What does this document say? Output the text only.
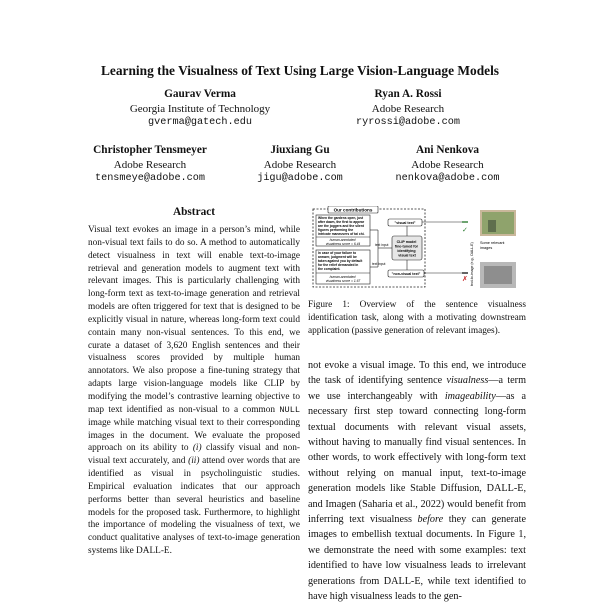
Learning the Visualness of Text Using Large Vision-Language Models
Gaurav Verma
Georgia Institute of Technology
gverma@gatech.edu
Ryan A. Rossi
Adobe Research
ryrossi@adobe.com
Christopher Tensmeyer
Adobe Research
tensmeye@adobe.com
Jiuxiang Gu
Adobe Research
jigu@adobe.com
Ani Nenkova
Adobe Research
nenkova@adobe.com
Abstract
Visual text evokes an image in a person’s mind, while non-visual text fails to do so. A method to automatically detect visualness in text will enable text-to-image retrieval and generation models to augment text with relevant images. This is particularly challenging with long-form text as text-to-image generation and retrieval models are often triggered for text that is designed to be explicitly visual in nature, whereas long-form text could contain many non-visual sentences. To this end, we curate a dataset of 3,620 English sentences and their visualness scores provided by multiple human annotators. We also propose a fine-tuning strategy that adapts large vision-language models like CLIP by modifying the model’s contrastive learning objective to map text identified as non-visual to a common NULL image while matching visual text to their corresponding images in the document. We evaluate the proposed approach on its ability to (i) classify visual and non-visual text accurately, and (ii) attend over words that are identified as visual in psycholinguistic studies. Empirical evaluation indicates that our approach performs better than several heuristics and baseline models for the proposed task. Furthermore, to highlight the importance of modeling the visualness of text, we conduct qualitative analyses of text-to-image generation systems like DALL-E.
Our contributions
When the gardens open, just after dawn, the first to appear are the joggers and the silent figures performing the intricate maneuvers of tai chi.
human-annotated visualness score = 6.44
In case of your failure to answer, judgment will be taken against you by default for the relief demanded in the complaint.
human-annotated visualness score = 1.67
text input
text input
CLIP model fine-tuned for identifying visual text
"visual text"
"non-visual text"	text-to-image (e.g., DALL-E)
✓
✗
Some relevant images
Figure 1: Overview of the sentence visualness identification task, along with a motivating downstream application (passive generation of relevant images).
not evoke a visual image. To this end, we introduce the task of identifying sentence visualness—a term we use interchangeably with imageability—as a necessary first step toward connecting long-form textual documents with relevant visual assets, without having to manually find visual sentences. In other words, to work effectively with long-form text without relying on manual input, text-to-image generation models like Stable Diffusion, DALL-E, and Imagen (Saharia et al., 2022) would benefit from inferring text visualness before they can generate images to embellish textual documents. In Figure 1, we demonstrate the need with some examples: text identified to have low visualness leads to irrelevant generations from DALL-E, while text identified to have high visualness leads to the gen-
